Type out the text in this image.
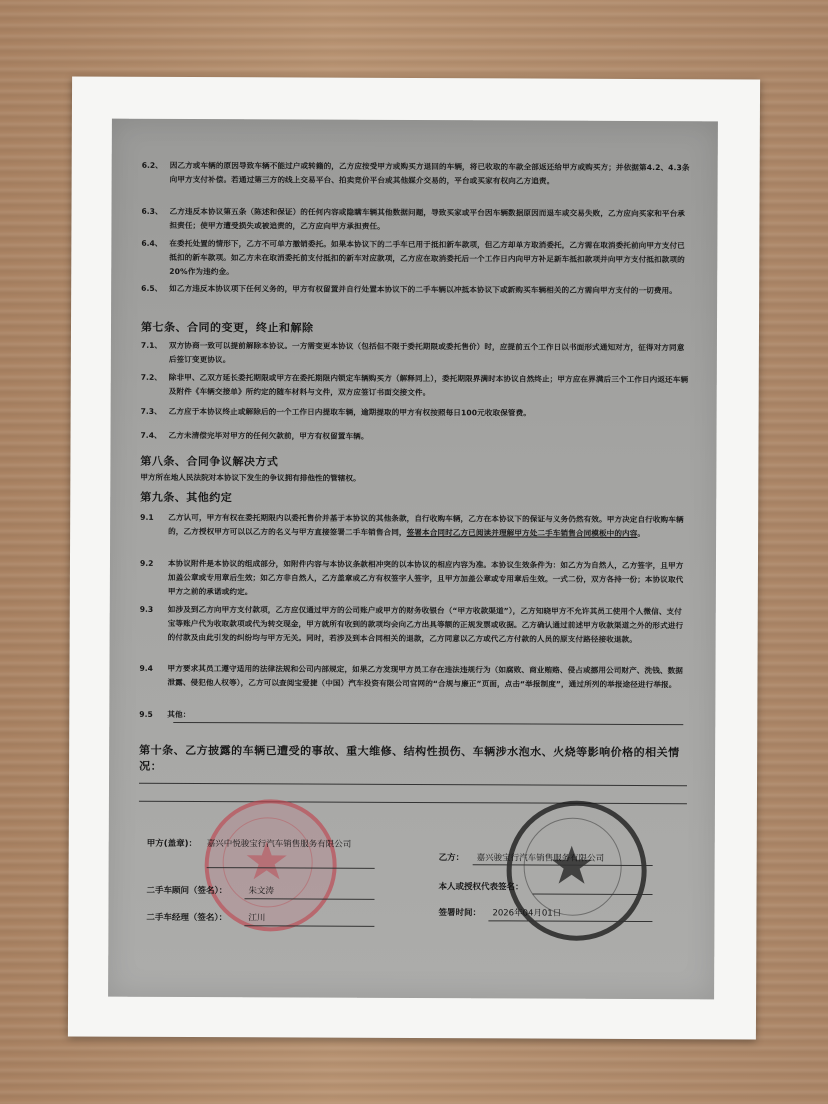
6.2、 因乙方或车辆的原因导致车辆不能过户或转籍的，乙方应按受甲方或购买方退回的车辆，将已收取的车款全部返还给甲方或购买方；并依据第4.2、4.3条向甲方支付补偿。若通过第三方的线上交易平台、拍卖竞价平台或其他媒介交易的，平台或买家有权向乙方追责。
6.3、 乙方违反本协议第五条（陈述和保证）的任何内容或隐瞒车辆其他数据问题，导致买家或平台因车辆数据原因而退车或交易失败，乙方应向买家和平台承担责任；使甲方遭受损失或被追责的，乙方应向甲方承担责任。
6.4、 在委托处置的情形下，乙方不可单方撤销委托。如果本协议下的二手车已用于抵扣新车款项，但乙方却单方取消委托，乙方需在取消委托前向甲方支付已抵扣的新车款项。如乙方未在取消委托前支付抵扣的新车对应款项，乙方应在取消委托后一个工作日内向甲方补足新车抵扣款项并向甲方支付抵扣款项的20%作为违约金。
6.5、 如乙方违反本协议项下任何义务的，甲方有权留置并自行处置本协议下的二手车辆以冲抵本协议下或新购买车辆相关的乙方需向甲方支付的一切费用。
第七条、合同的变更，终止和解除
7.1、 双方协商一致可以提前解除本协议。一方需变更本协议（包括但不限于委托期限或委托售价）时，应提前五个工作日以书面形式通知对方，征得对方同意后签订变更协议。
7.2、 除非甲、乙双方延长委托期限或甲方在委托期限内锁定车辆购买方（解释同上），委托期限界满时本协议自然终止；甲方应在界满后三个工作日内返还车辆及附件《车辆交接单》所约定的随车材料与文件，双方应签订书面交接文件。
7.3、 乙方应于本协议终止或解除后的一个工作日内提取车辆，逾期提取的甲方有权按照每日100元收取保管费。
7.4、 乙方未清偿完毕对甲方的任何欠款前，甲方有权留置车辆。
第八条、合同争议解决方式
甲方所在地人民法院对本协议下发生的争议拥有排他性的管辖权。
第九条、其他约定
9.1	乙方认可，甲方有权在委托期限内以委托售价并基于本协议的其他条款，自行收购车辆，乙方在本协议下的保证与义务仍然有效。甲方决定自行收购车辆的，乙方授权甲方可以以乙方的名义与甲方直接签署二手车销售合同，签署本合同时乙方已阅读并理解甲方处二手车销售合同模板中的内容。
9.2	本协议附件是本协议的组成部分，如附件内容与本协议条款相冲突的以本协议的相应内容为准。本协议生效条件为：如乙方为自然人，乙方签字，且甲方加盖公章或专用章后生效；如乙方非自然人，乙方盖章或乙方有权签字人签字，且甲方加盖公章或专用章后生效。一式二份，双方各持一份；本协议取代甲方之前的承诺或约定。
9.3	如涉及到乙方向甲方支付款项，乙方应仅通过甲方的公司账户或甲方的财务收银台（“甲方收款渠道”），乙方知晓甲方不允许其员工使用个人微信、支付宝等账户代为收取款项或代为转交现金，甲方就所有收到的款项均会向乙方出具等额的正规发票或收据。乙方确认通过前述甲方收款渠道之外的形式进行的付款及由此引发的纠纷均与甲方无关。同时，若涉及到本合同相关的退款，乙方同意以乙方或代乙方付款的人员的原支付路径接收退款。
9.4	甲方要求其员工遵守适用的法律法规和公司内部规定，如果乙方发现甲方员工存在违法违规行为（如腐败、商业贿赂、侵占或挪用公司财产、洗钱、数据泄露、侵犯他人权等），乙方可以查阅宝爱捷（中国）汽车投资有限公司官网的“合规与廉正”页面，点击“举报制度”，通过所列的举报途径进行举报。
9.5	其他：
第十条、乙方披露的车辆已遭受的事故、重大维修、结构性损伤、车辆涉水泡水、火烧等影响价格的相关情况：
甲方(盖章)： 嘉兴中悦骏宝行汽车销售服务有限公司
乙方： 嘉兴骏宝行汽车销售服务有限公司
二手车顾问（签名）： 朱文涛	本人或授权代表签名：
二手车经理（签名）： 江川
签署时间： 2026年04月01日
